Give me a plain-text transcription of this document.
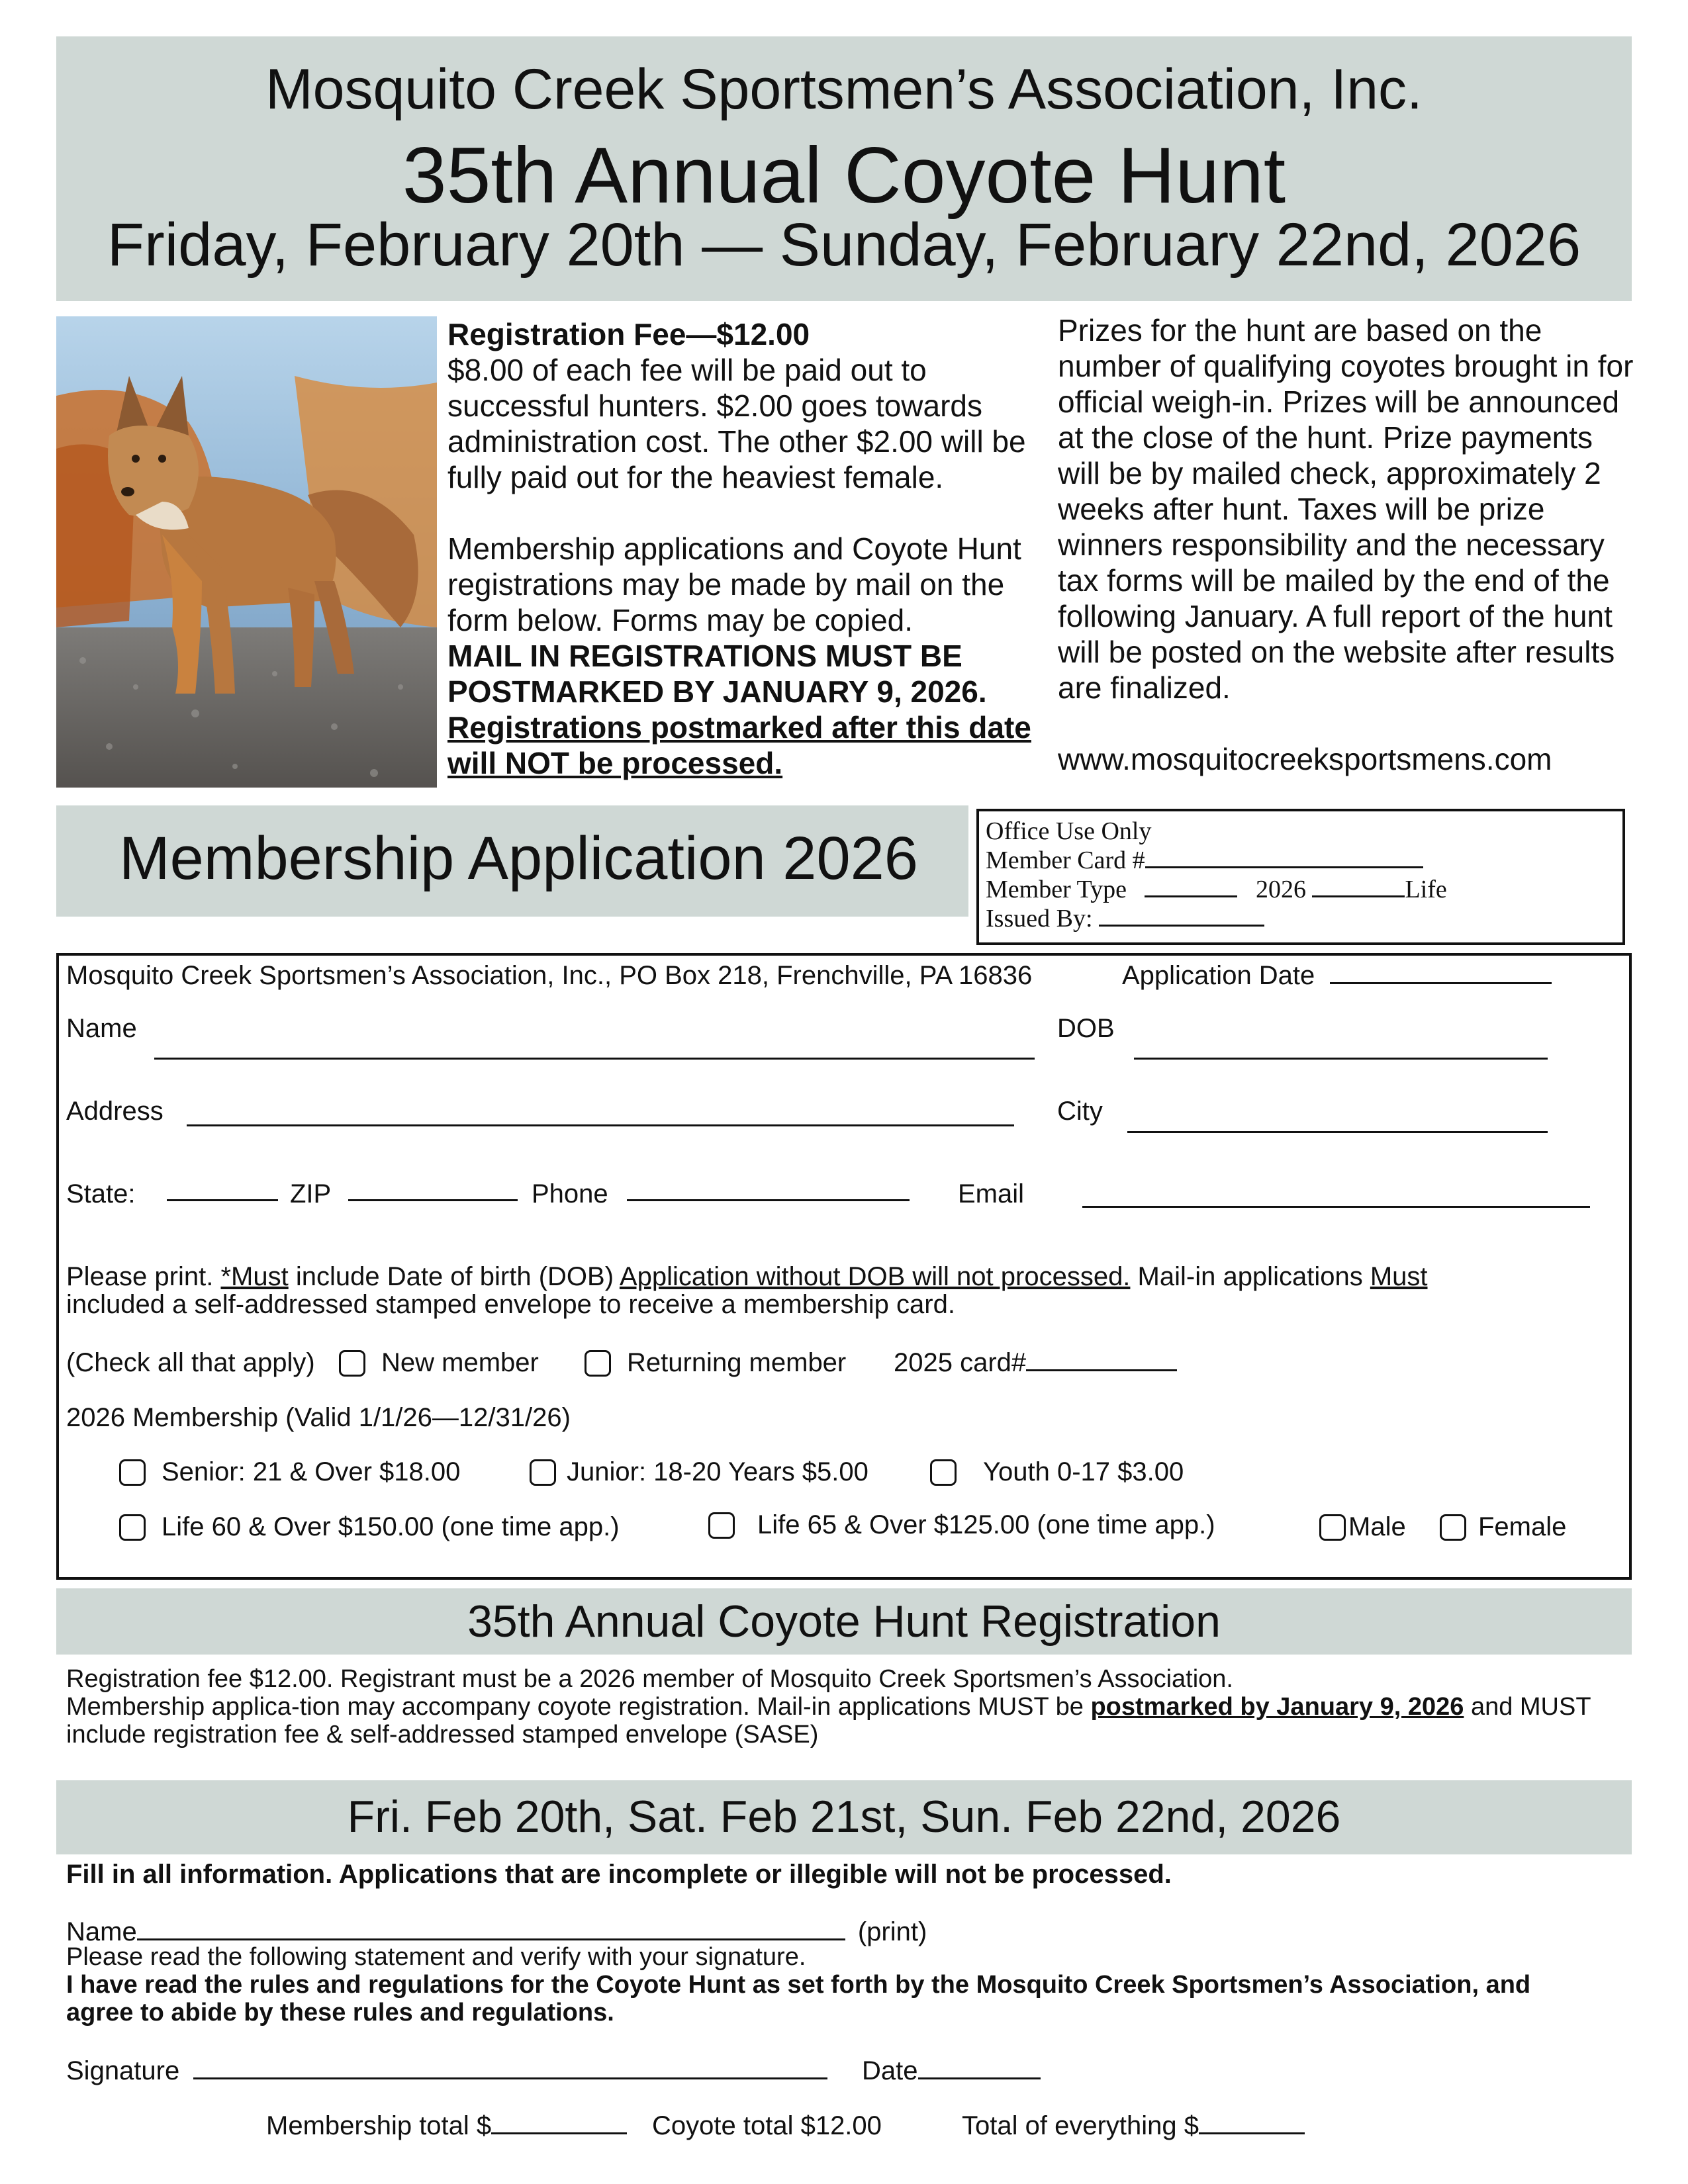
Mosquito Creek Sportsmen’s Association, Inc.
35th Annual Coyote Hunt
Friday, February 20th — Sunday, February 22nd, 2026
Registration Fee—$12.00
$8.00 of each fee will be paid out to successful hunters. $2.00 goes towards administration cost. The other $2.00 will be fully paid out for the heaviest female.
Membership applications and Coyote Hunt registrations may be made by mail on the form below. Forms may be copied.
MAIL IN REGISTRATIONS MUST BE POSTMARKED BY JANUARY 9, 2026.
Registrations postmarked after this date will NOT be processed.
Prizes for the hunt are based on the number of qualifying coyotes brought in for official weigh-in. Prizes will be announced at the close of the hunt. Prize payments will be by mailed check, approximately 2 weeks after hunt. Taxes will be prize winners responsibility and the necessary tax forms will be mailed by the end of the following January. A full report of the hunt will be posted on the website after results are finalized.
www.mosquitocreeksportsmens.com
Membership Application 2026	Office Use Only
Member Card #
Member Type	2026	Life
Issued By:
Mosquito Creek Sportsmen’s Association, Inc., PO Box 218, Frenchville, PA 16836	Application Date
Name	DOB
Address	City
State:	ZIP	Phone	Email
Please print. *Must include Date of birth (DOB) Application without DOB will not processed. Mail-in applications Must
included a self-addressed stamped envelope to receive a membership card.
(Check all that apply)	New member	Returning member 2025 card#
2026 Membership (Valid 1/1/26—12/31/26)
Senior: 21 & Over $18.00	Junior: 18-20 Years $5.00	Youth 0-17 $3.00
Life 60 & Over $150.00 (one time app.)	Life 65 & Over $125.00 (one time app.)	Male	Female
35th Annual Coyote Hunt Registration
Registration fee $12.00. Registrant must be a 2026 member of Mosquito Creek Sportsmen’s Association.
Membership applica-tion may accompany coyote registration. Mail-in applications MUST be postmarked by January 9, 2026 and MUST include registration fee & self-addressed stamped envelope (SASE)
Fri. Feb 20th, Sat. Feb 21st, Sun. Feb 22nd, 2026
Fill in all information. Applications that are incomplete or illegible will not be processed.
Name	(print)
Please read the following statement and verify with your signature.
I have read the rules and regulations for the Coyote Hunt as set forth by the Mosquito Creek Sportsmen’s Association, and agree to abide by these rules and regulations.
Signature	Date
Membership total $	Coyote total $12.00	Total of everything $
